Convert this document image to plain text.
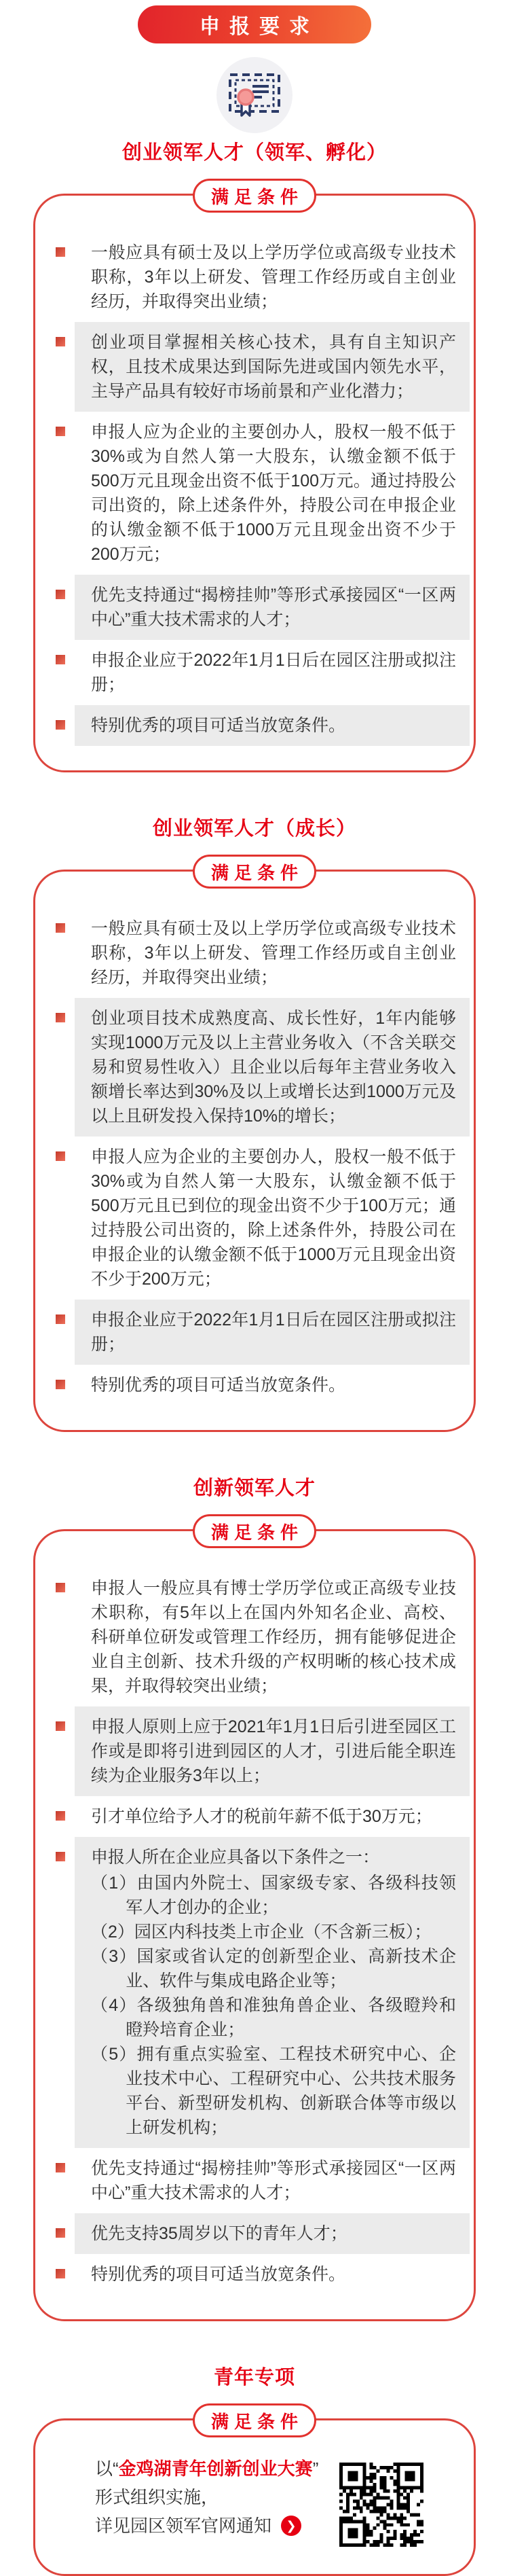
申报要求
创业领军人才（领军、孵化）
满足条件
一般应具有硕士及以上学历学位或高级专业技术职称，3年以上研发、管理工作经历或自主创业经历，并取得突出业绩；
创业项目掌握相关核心技术，具有自主知识产权，且技术成果达到国际先进或国内领先水平，主导产品具有较好市场前景和产业化潜力；
申报人应为企业的主要创办人，股权一般不低于30%或为自然人第一大股东，认缴金额不低于500万元且现金出资不低于100万元。通过持股公司出资的，除上述条件外，持股公司在申报企业的认缴金额不低于1000万元且现金出资不少于200万元；
优先支持通过“揭榜挂帅”等形式承接园区“一区两中心”重大技术需求的人才；
申报企业应于2022年1月1日后在园区注册或拟注册；
特别优秀的项目可适当放宽条件。
创业领军人才（成长）
满足条件
一般应具有硕士及以上学历学位或高级专业技术职称，3年以上研发、管理工作经历或自主创业经历，并取得突出业绩；
创业项目技术成熟度高、成长性好，1年内能够实现1000万元及以上主营业务收入（不含关联交易和贸易性收入）且企业以后每年主营业务收入额增长率达到30%及以上或增长达到1000万元及以上且研发投入保持10%的增长；
申报人应为企业的主要创办人，股权一般不低于30%或为自然人第一大股东，认缴金额不低于500万元且已到位的现金出资不少于100万元；通过持股公司出资的，除上述条件外，持股公司在申报企业的认缴金额不低于1000万元且现金出资不少于200万元；
申报企业应于2022年1月1日后在园区注册或拟注册；
特别优秀的项目可适当放宽条件。
创新领军人才
满足条件
申报人一般应具有博士学历学位或正高级专业技术职称，有5年以上在国内外知名企业、高校、科研单位研发或管理工作经历，拥有能够促进企业自主创新、技术升级的产权明晰的核心技术成果，并取得较突出业绩；
申报人原则上应于2021年1月1日后引进至园区工作或是即将引进到园区的人才，引进后能全职连续为企业服务3年以上；
引才单位给予人才的税前年薪不低于30万元；
申报人所在企业应具备以下条件之一：
（1）由国内外院士、国家级专家、各级科技领军人才创办的企业；
（2）园区内科技类上市企业（不含新三板）；
（3）国家或省认定的创新型企业、高新技术企业、软件与集成电路企业等；
（4）各级独角兽和准独角兽企业、各级瞪羚和瞪羚培育企业；
（5）拥有重点实验室、工程技术研究中心、企业技术中心、工程研究中心、公共技术服务平台、新型研发机构、创新联合体等市级以上研发机构；
优先支持通过“揭榜挂帅”等形式承接园区“一区两中心”重大技术需求的人才；
优先支持35周岁以下的青年人才；
特别优秀的项目可适当放宽条件。
青年专项
满足条件

以“金鸡湖青年创新创业大赛”

形式组织实施，

详见园区领军官网通知	❯
